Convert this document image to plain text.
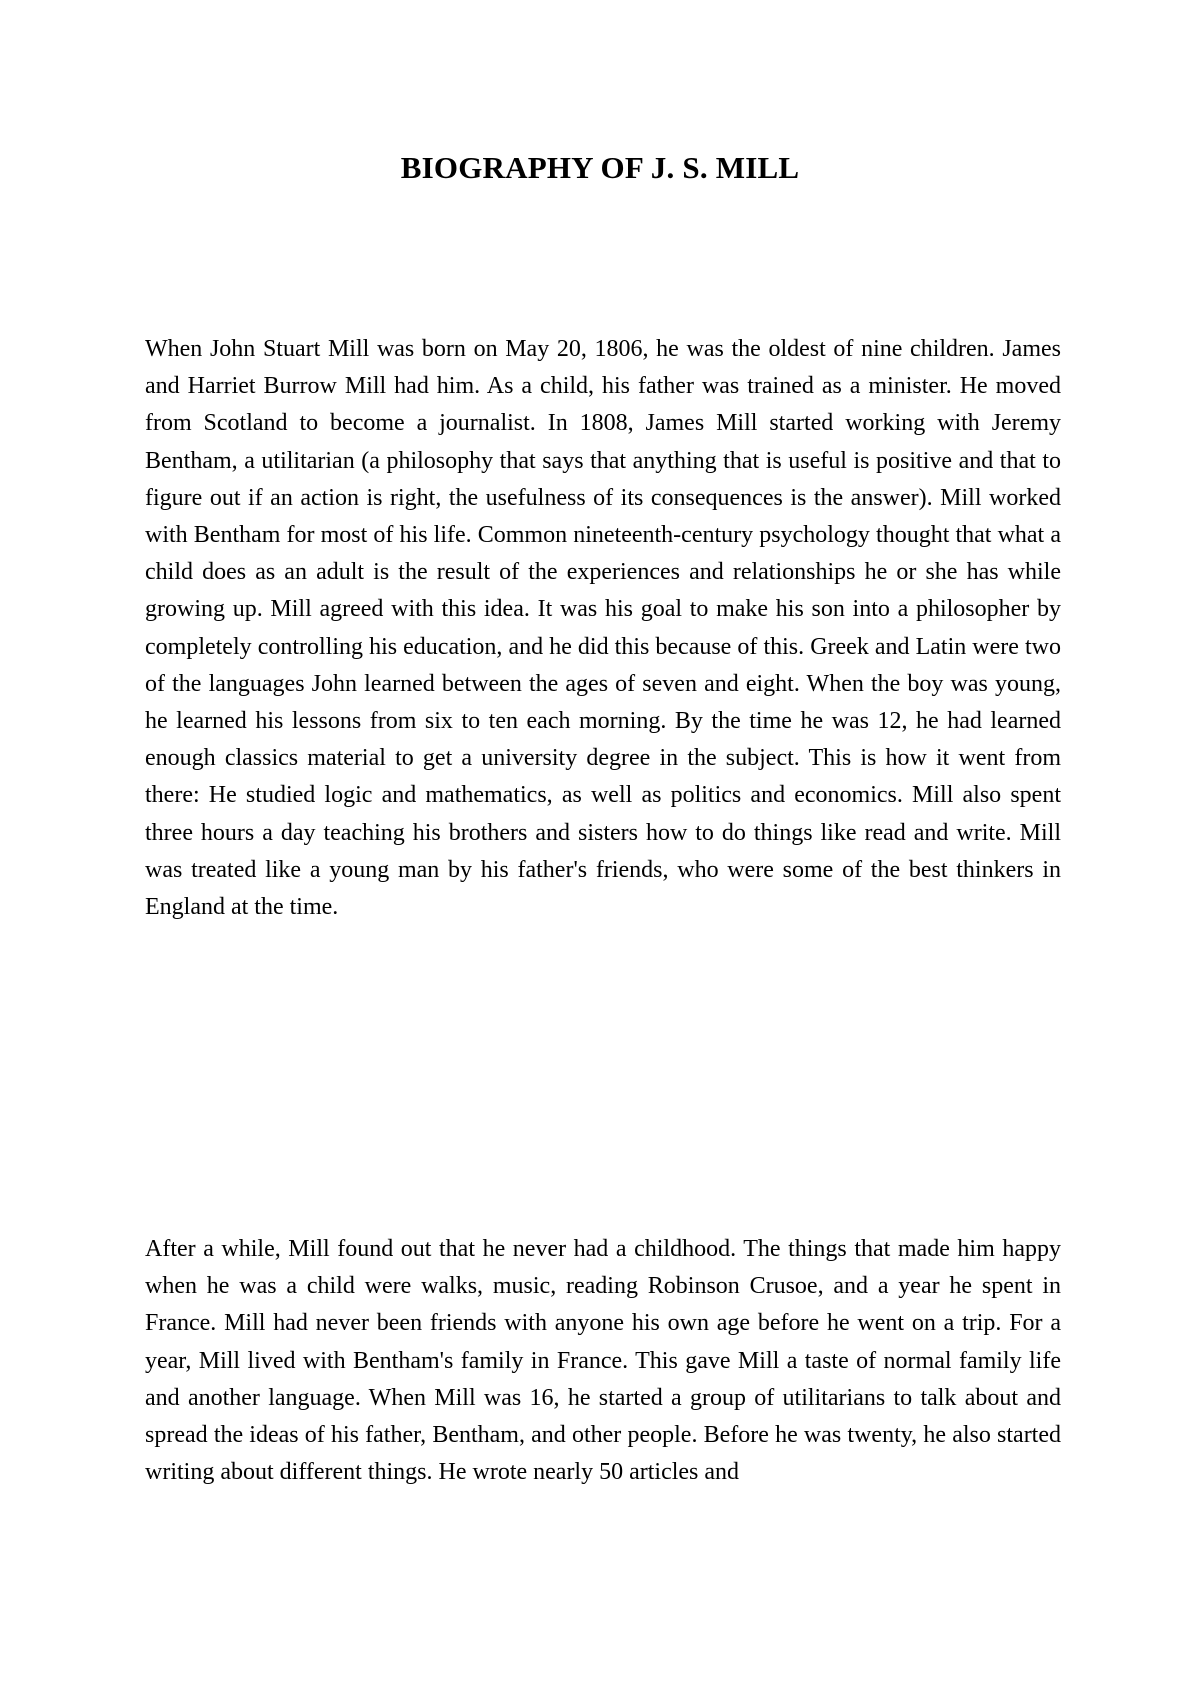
BIOGRAPHY OF J. S. MILL

When John Stuart Mill was born on May 20, 1806, he was the oldest of nine children. James and Harriet Burrow Mill had him. As a child, his father was trained as a minister. He moved from Scotland to become a journalist. In 1808, James Mill started working with Jeremy Bentham, a utilitarian (a philosophy that says that anything that is useful is positive and that to figure out if an action is right, the usefulness of its consequences is the answer). Mill worked with Bentham for most of his life. Common nineteenth-century psychology thought that what a child does as an adult is the result of the experiences and relationships he or she has while growing up. Mill agreed with this idea. It was his goal to make his son into a philosopher by completely controlling his education, and he did this because of this. Greek and Latin were two of the languages John learned between the ages of seven and eight. When the boy was young, he learned his lessons from six to ten each morning. By the time he was 12, he had learned enough classics material to get a university degree in the subject. This is how it went from there: He studied logic and mathematics, as well as politics and economics. Mill also spent three hours a day teaching his brothers and sisters how to do things like read and write. Mill was treated like a young man by his father's friends, who were some of the best thinkers in England at the time.

After a while, Mill found out that he never had a childhood. The things that made him happy when he was a child were walks, music, reading Robinson Crusoe, and a year he spent in France. Mill had never been friends with anyone his own age before he went on a trip. For a year, Mill lived with Bentham's family in France. This gave Mill a taste of normal family life and another language. When Mill was 16, he started a group of utilitarians to talk about and spread the ideas of his father, Bentham, and other people. Before he was twenty, he also started writing about different things. He wrote nearly 50 articles and
